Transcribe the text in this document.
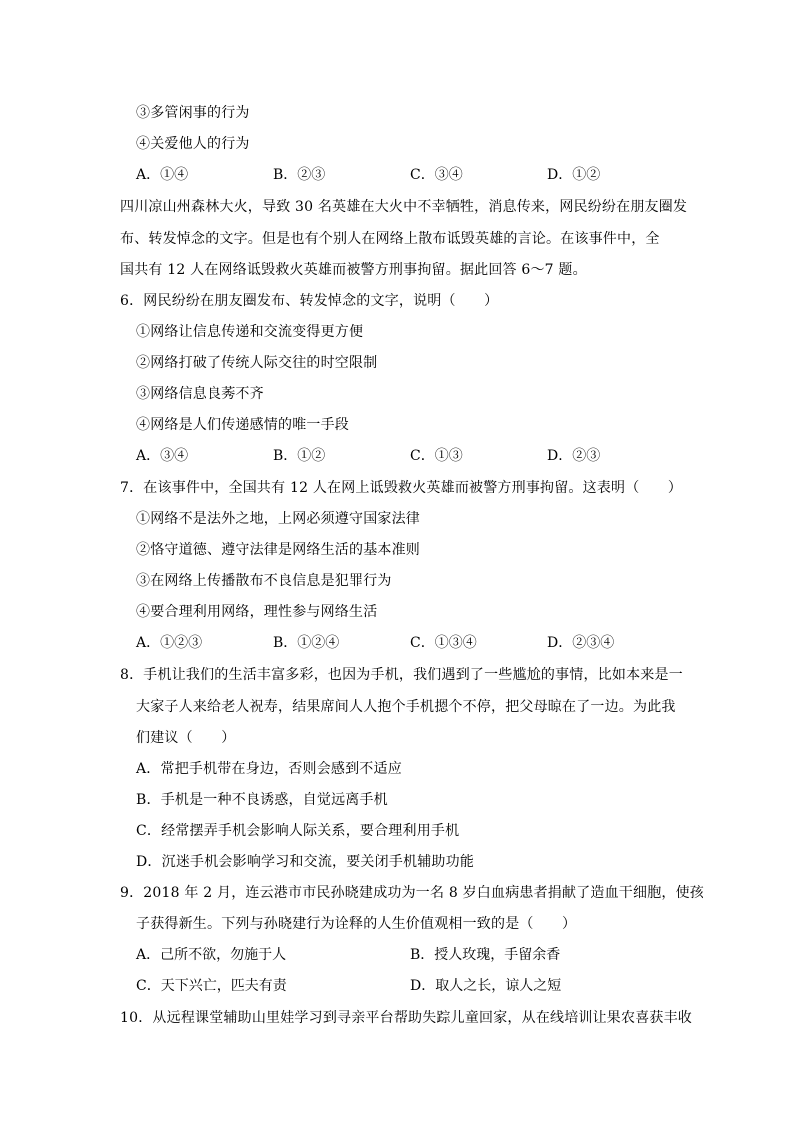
③多管闲事的行为
④关爱他人的行为
A．①④	B．②③	C．③④	D．①②
四川凉山州森林大火，导致 30 名英雄在大火中不幸牺牲，消息传来，网民纷纷在朋友圈发
布、转发悼念的文字。但是也有个别人在网络上散布诋毁英雄的言论。在该事件中，全
国共有 12 人在网络诋毁救火英雄而被警方刑事拘留。据此回答 6～7 题。
6．网民纷纷在朋友圈发布、转发悼念的文字，说明（　　）
①网络让信息传递和交流变得更方便
②网络打破了传统人际交往的时空限制
③网络信息良莠不齐
④网络是人们传递感情的唯一手段
A．③④	B．①②	C．①③	D．②③
7．在该事件中，全国共有 12 人在网上诋毁救火英雄而被警方刑事拘留。这表明（　　）
①网络不是法外之地，上网必须遵守国家法律
②恪守道德、遵守法律是网络生活的基本准则
③在网络上传播散布不良信息是犯罪行为
④要合理利用网络，理性参与网络生活
A．①②③	B．①②④	C．①③④	D．②③④
8．手机让我们的生活丰富多彩，也因为手机，我们遇到了一些尴尬的事情，比如本来是一
大家子人来给老人祝寿，结果席间人人抱个手机摁个不停，把父母晾在了一边。为此我
们建议（　　）
A．常把手机带在身边，否则会感到不适应
B．手机是一种不良诱惑，自觉远离手机
C．经常摆弄手机会影响人际关系，要合理利用手机
D．沉迷手机会影响学习和交流，要关闭手机辅助功能
9．2018 年 2 月，连云港市市民孙晓建成功为一名 8 岁白血病患者捐献了造血干细胞，使孩
子获得新生。下列与孙晓建行为诠释的人生价值观相一致的是（　　）
A．己所不欲，勿施于人	B．授人玫瑰，手留余香
C．天下兴亡，匹夫有责	D．取人之长，谅人之短
10．从远程课堂辅助山里娃学习到寻亲平台帮助失踪儿童回家，从在线培训让果农喜获丰收
